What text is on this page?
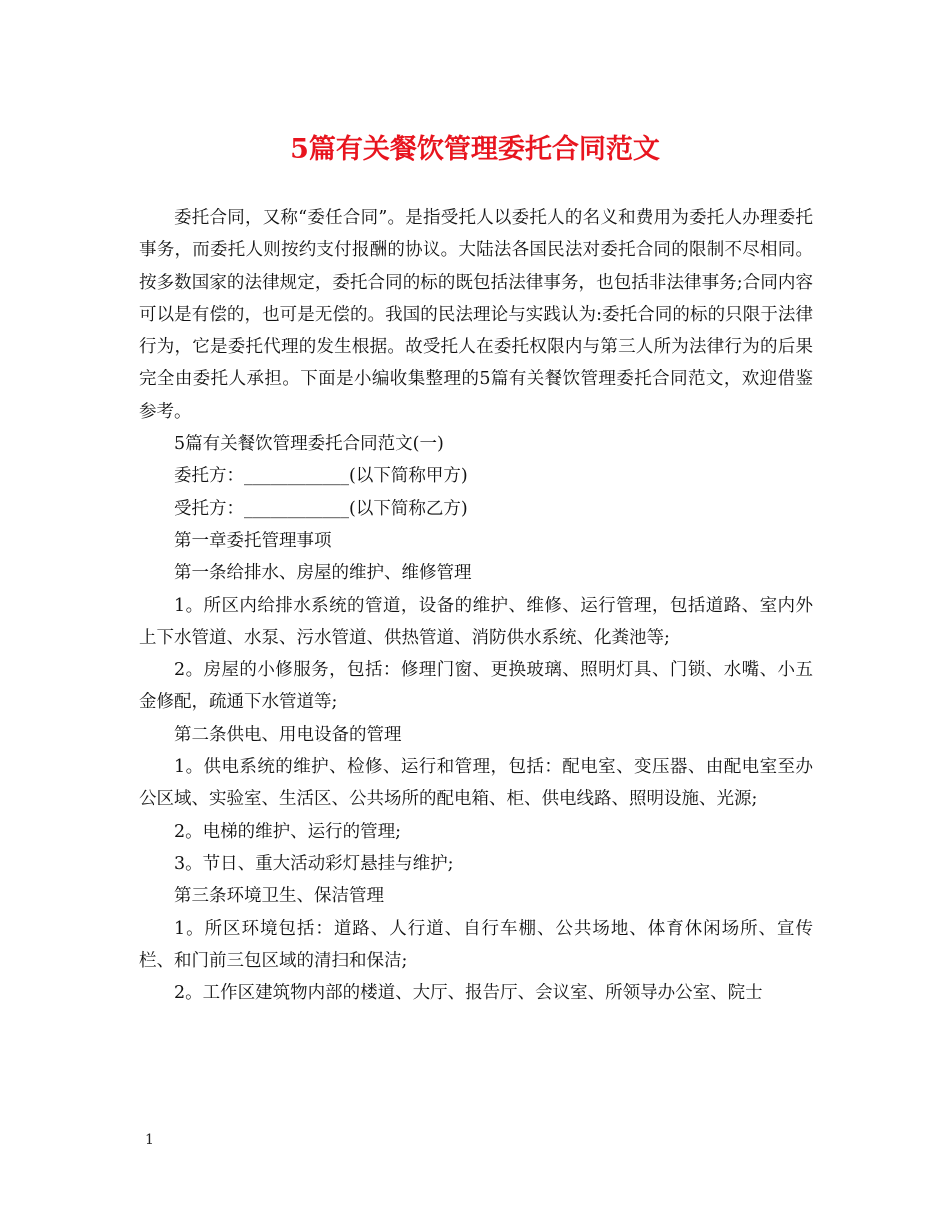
5篇有关餐饮管理委托合同范文

委托合同，又称“委任合同”。是指受托人以委托人的名义和费用为委托人办理委托事务，而委托人则按约支付报酬的协议。大陆法各国民法对委托合同的限制不尽相同。按多数国家的法律规定，委托合同的标的既包括法律事务，也包括非法律事务;合同内容可以是有偿的，也可是无偿的。我国的民法理论与实践认为:委托合同的标的只限于法律行为，它是委托代理的发生根据。故受托人在委托权限内与第三人所为法律行为的后果完全由委托人承担。下面是小编收集整理的5篇有关餐饮管理委托合同范文，欢迎借鉴参考。

5篇有关餐饮管理委托合同范文(一)

委托方：____________(以下简称甲方)

受托方：____________(以下简称乙方)

第一章委托管理事项

第一条给排水、房屋的维护、维修管理

1。所区内给排水系统的管道，设备的维护、维修、运行管理，包括道路、室内外上下水管道、水泵、污水管道、供热管道、消防供水系统、化粪池等;

2。房屋的小修服务，包括：修理门窗、更换玻璃、照明灯具、门锁、水嘴、小五金修配，疏通下水管道等;

第二条供电、用电设备的管理

1。供电系统的维护、检修、运行和管理，包括：配电室、变压器、由配电室至办公区域、实验室、生活区、公共场所的配电箱、柜、供电线路、照明设施、光源;

2。电梯的维护、运行的管理;

3。节日、重大活动彩灯悬挂与维护;

第三条环境卫生、保洁管理

1。所区环境包括：道路、人行道、自行车棚、公共场地、体育休闲场所、宣传栏、和门前三包区域的清扫和保洁;

2。工作区建筑物内部的楼道、大厅、报告厅、会议室、所领导办公室、院士

1
